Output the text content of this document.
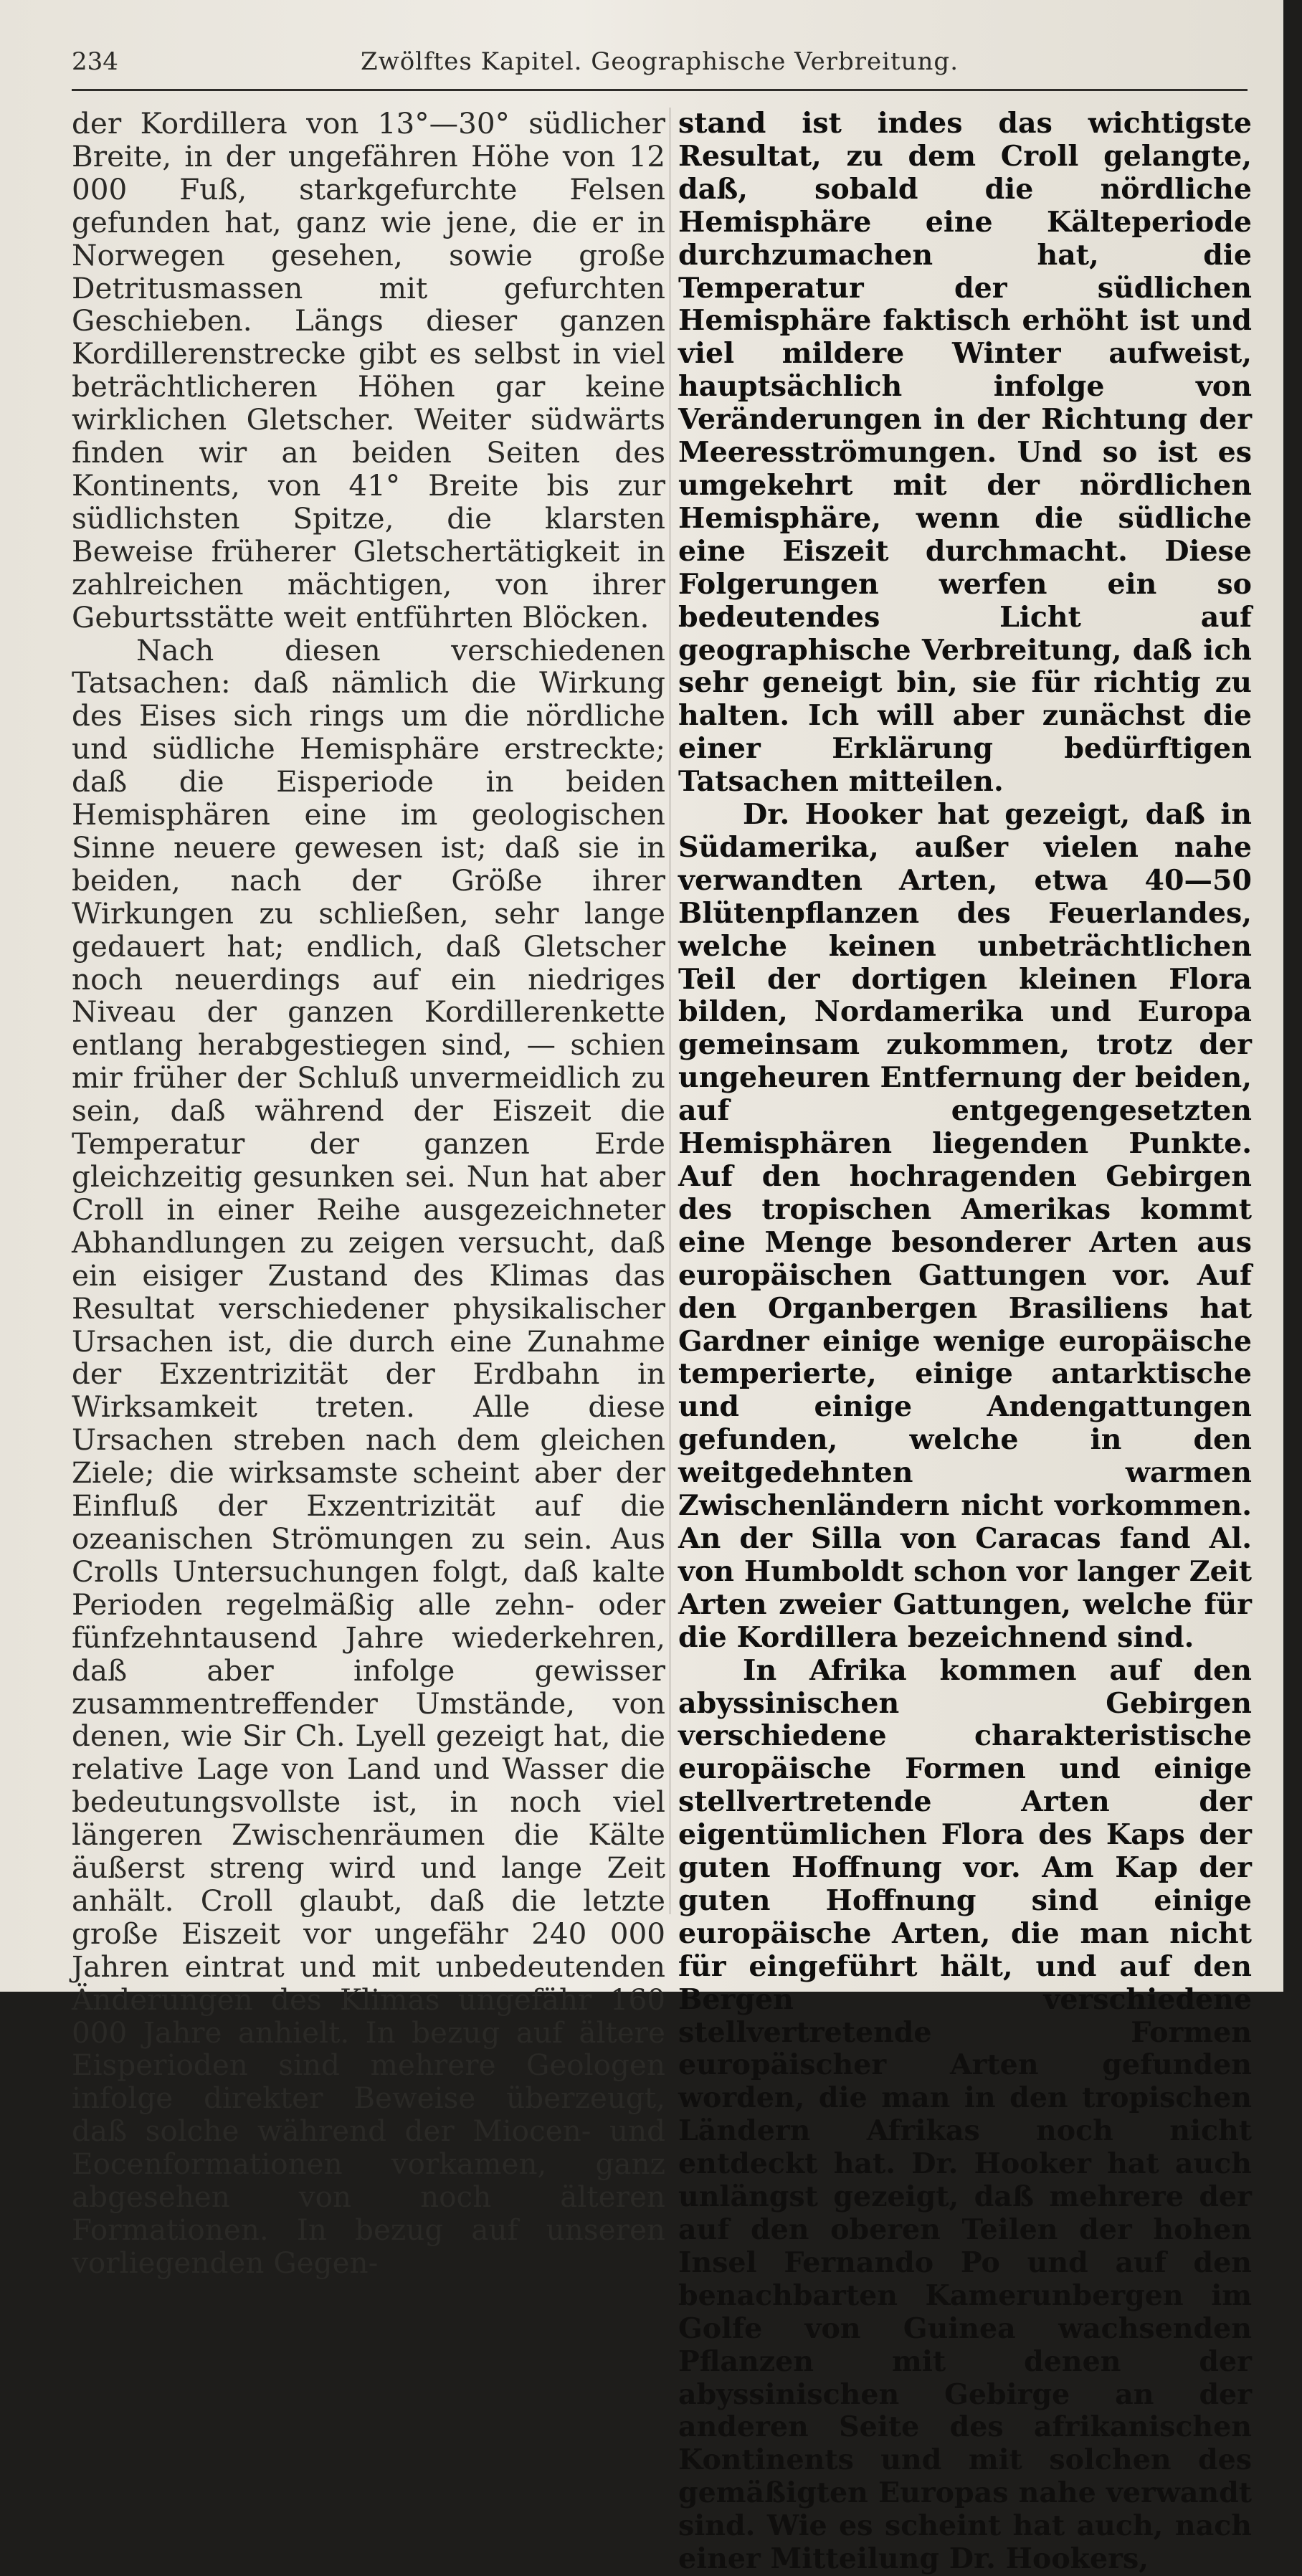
234	Zwölftes Kapitel. Geographische Verbreitung.

der Kordillera von 13°—30° südlicher Breite, in der ungefähren Höhe von 12 000 Fuß, starkgefurchte Felsen gefunden hat, ganz wie jene, die er in Norwegen gesehen, sowie große Detritusmassen mit gefurchten Geschieben. Längs dieser ganzen Kordillerenstrecke gibt es selbst in viel beträchtlicheren Höhen gar keine wirklichen Gletscher. Weiter südwärts finden wir an beiden Seiten des Kontinents, von 41° Breite bis zur südlichsten Spitze, die klarsten Beweise früherer Gletschertätigkeit in zahlreichen mächtigen, von ihrer Geburtsstätte weit entführten Blöcken.

Nach diesen verschiedenen Tatsachen: daß nämlich die Wirkung des Eises sich rings um die nördliche und südliche Hemisphäre erstreckte; daß die Eisperiode in beiden Hemisphären eine im geologischen Sinne neuere gewesen ist; daß sie in beiden, nach der Größe ihrer Wirkungen zu schließen, sehr lange gedauert hat; endlich, daß Gletscher noch neuerdings auf ein niedriges Niveau der ganzen Kordillerenkette entlang herabgestiegen sind, — schien mir früher der Schluß unvermeidlich zu sein, daß während der Eiszeit die Temperatur der ganzen Erde gleichzeitig gesunken sei. Nun hat aber Croll in einer Reihe ausgezeichneter Abhandlungen zu zeigen versucht, daß ein eisiger Zustand des Klimas das Resultat verschiedener physikalischer Ursachen ist, die durch eine Zunahme der Exzentrizität der Erdbahn in Wirksamkeit treten. Alle diese Ursachen streben nach dem gleichen Ziele; die wirksamste scheint aber der Einfluß der Exzentrizität auf die ozeanischen Strömungen zu sein. Aus Crolls Untersuchungen folgt, daß kalte Perioden regelmäßig alle zehn- oder fünfzehntausend Jahre wiederkehren, daß aber infolge gewisser zusammentreffender Umstände, von denen, wie Sir Ch. Lyell gezeigt hat, die relative Lage von Land und Wasser die bedeutungsvollste ist, in noch viel längeren Zwischenräumen die Kälte äußerst streng wird und lange Zeit anhält. Croll glaubt, daß die letzte große Eiszeit vor ungefähr 240 000 Jahren eintrat und mit unbedeutenden Änderungen des Klimas ungefähr 160 000 Jahre anhielt. In bezug auf ältere Eisperioden sind mehrere Geologen infolge direkter Beweise überzeugt, daß solche während der Miocen- und Eocenformationen vorkamen, ganz abgesehen von noch älteren Formationen. In bezug auf unseren vorliegenden Gegen-

stand ist indes das wichtigste Resultat, zu dem Croll gelangte, daß, sobald die nördliche Hemisphäre eine Kälteperiode durchzumachen hat, die Temperatur der südlichen Hemisphäre faktisch erhöht ist und viel mildere Winter aufweist, hauptsächlich infolge von Veränderungen in der Richtung der Meeresströmungen. Und so ist es umgekehrt mit der nördlichen Hemisphäre, wenn die südliche eine Eiszeit durchmacht. Diese Folgerungen werfen ein so bedeutendes Licht auf geographische Verbreitung, daß ich sehr geneigt bin, sie für richtig zu halten. Ich will aber zunächst die einer Erklärung bedürftigen Tatsachen mitteilen.

Dr. Hooker hat gezeigt, daß in Südamerika, außer vielen nahe verwandten Arten, etwa 40—50 Blütenpflanzen des Feuerlandes, welche keinen unbeträchtlichen Teil der dortigen kleinen Flora bilden, Nordamerika und Europa gemeinsam zukommen, trotz der ungeheuren Entfernung der beiden, auf entgegengesetzten Hemisphären liegenden Punkte. Auf den hochragenden Gebirgen des tropischen Amerikas kommt eine Menge besonderer Arten aus europäischen Gattungen vor. Auf den Organbergen Brasiliens hat Gardner einige wenige europäische temperierte, einige antarktische und einige Andengattungen gefunden, welche in den weitgedehnten warmen Zwischenländern nicht vorkommen. An der Silla von Caracas fand Al. von Humboldt schon vor langer Zeit Arten zweier Gattungen, welche für die Kordillera bezeichnend sind.

In Afrika kommen auf den abyssinischen Gebirgen verschiedene charakteristische europäische Formen und einige stellvertretende Arten der eigentümlichen Flora des Kaps der guten Hoffnung vor. Am Kap der guten Hoffnung sind einige europäische Arten, die man nicht für eingeführt hält, und auf den Bergen verschiedene stellvertretende Formen europäischer Arten gefunden worden, die man in den tropischen Ländern Afrikas noch nicht entdeckt hat. Dr. Hooker hat auch unlängst gezeigt, daß mehrere der auf den oberen Teilen der hohen Insel Fernando Po und auf den benachbarten Kamerunbergen im Golfe von Guinea wachsenden Pflanzen mit denen der abyssinischen Gebirge an der anderen Seite des afrikanischen Kontinents und mit solchen des gemäßigten Europas nahe verwandt sind. Wie es scheint hat auch, nach einer Mitteilung Dr. Hookers,
